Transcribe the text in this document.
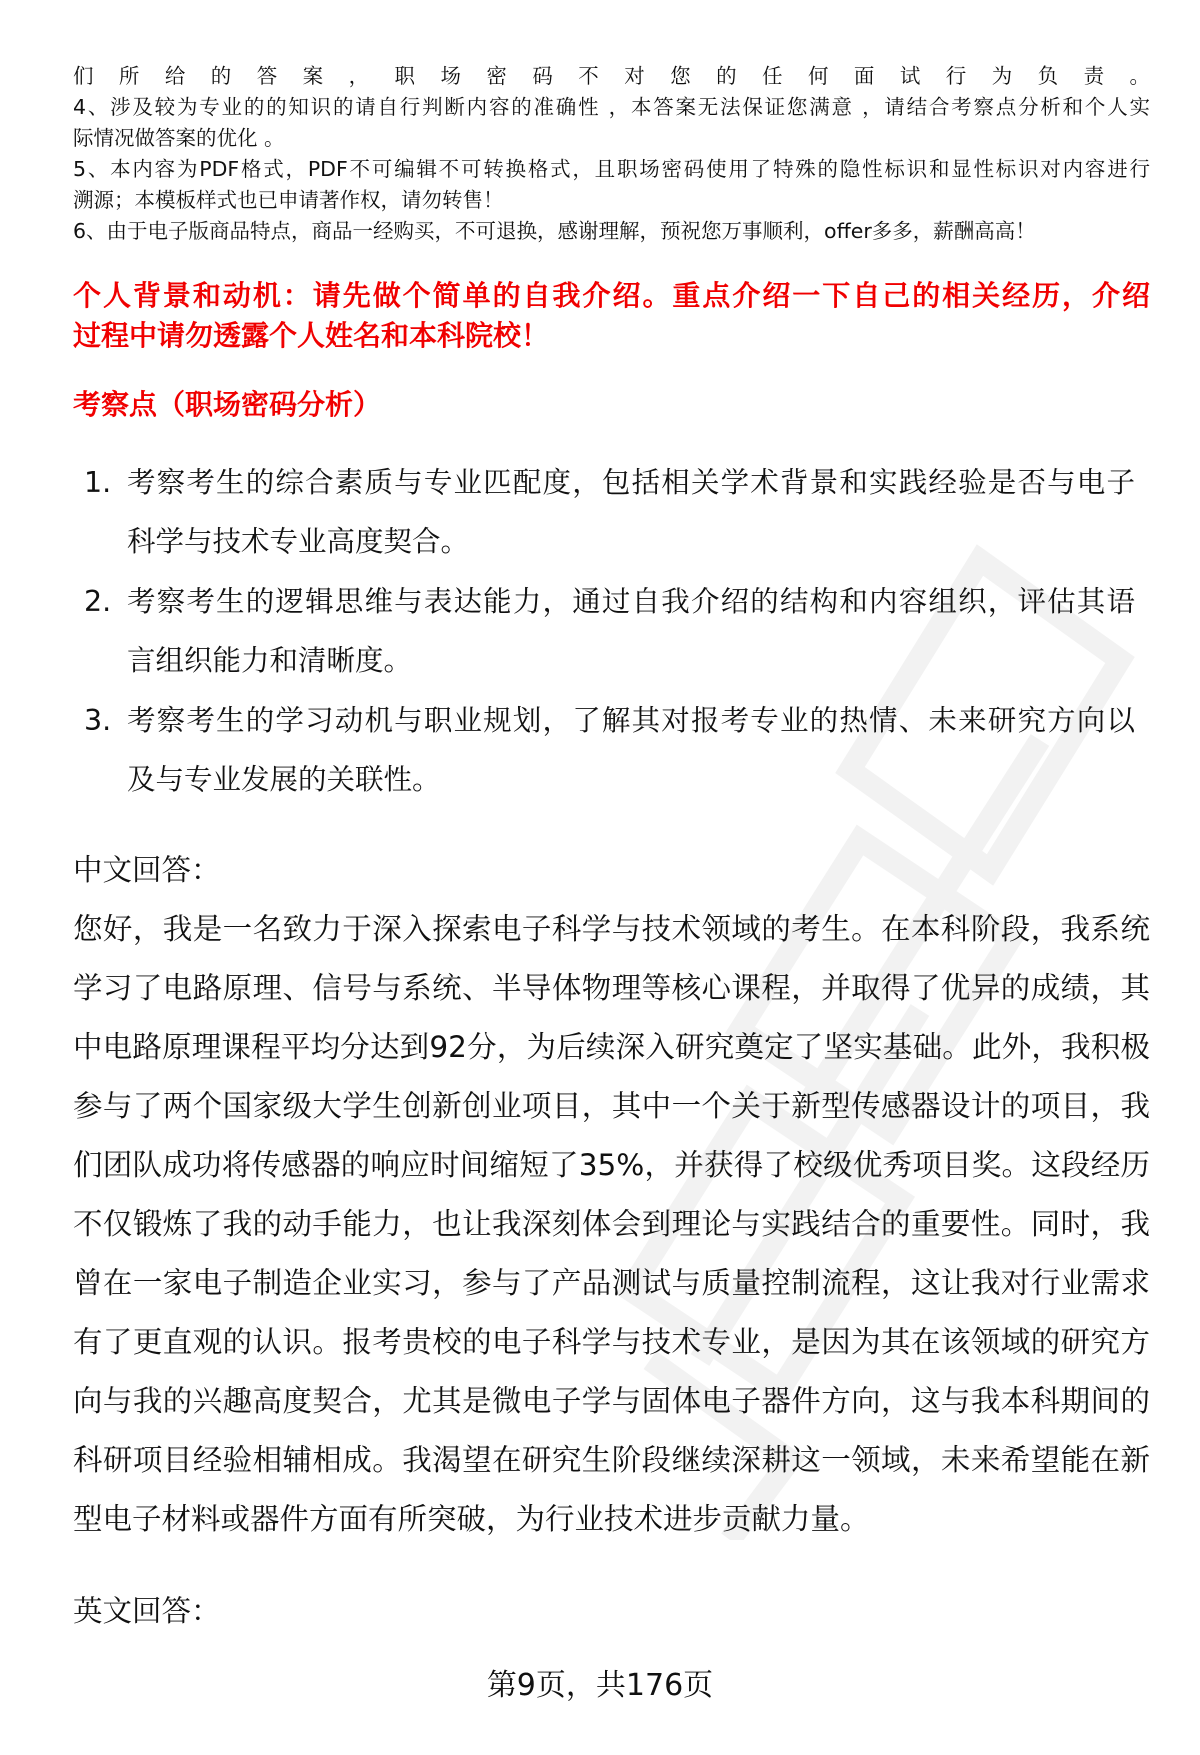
们所给的答案，职场密码不对您的任何面试行为负责。
4、涉及较为专业的的知识的请自行判断内容的准确性 ，本答案无法保证您满意 ，请结合考察点分析和个人实
际情况做答案的优化 。
5、本内容为PDF格式，PDF不可编辑不可转换格式，且职场密码使用了特殊的隐性标识和显性标识对内容进行
溯源；本模板样式也已申请著作权，请勿转售！
6、由于电子版商品特点，商品一经购买，不可退换，感谢理解，预祝您万事顺利，offer多多，薪酬高高！
个人背景和动机：请先做个简单的自我介绍。重点介绍一下自己的相关经历，介绍
过程中请勿透露个人姓名和本科院校！
考察点（职场密码分析）
1. 考察考生的综合素质与专业匹配度，包括相关学术背景和实践经验是否与电子
科学与技术专业高度契合。
2. 考察考生的逻辑思维与表达能力，通过自我介绍的结构和内容组织，评估其语
言组织能力和清晰度。
3. 考察考生的学习动机与职业规划，了解其对报考专业的热情、未来研究方向以
及与专业发展的关联性。
中文回答：
您好，我是一名致力于深入探索电子科学与技术领域的考生。在本科阶段，我系统
学习了电路原理、信号与系统、半导体物理等核心课程，并取得了优异的成绩，其
中电路原理课程平均分达到92分，为后续深入研究奠定了坚实基础。此外，我积极
参与了两个国家级大学生创新创业项目，其中一个关于新型传感器设计的项目，我
们团队成功将传感器的响应时间缩短了35%，并获得了校级优秀项目奖。这段经历
不仅锻炼了我的动手能力，也让我深刻体会到理论与实践结合的重要性。同时，我
曾在一家电子制造企业实习，参与了产品测试与质量控制流程，这让我对行业需求
有了更直观的认识。报考贵校的电子科学与技术专业，是因为其在该领域的研究方
向与我的兴趣高度契合，尤其是微电子学与固体电子器件方向，这与我本科期间的
科研项目经验相辅相成。我渴望在研究生阶段继续深耕这一领域，未来希望能在新
型电子材料或器件方面有所突破，为行业技术进步贡献力量。
英文回答：
第9页，共176页
